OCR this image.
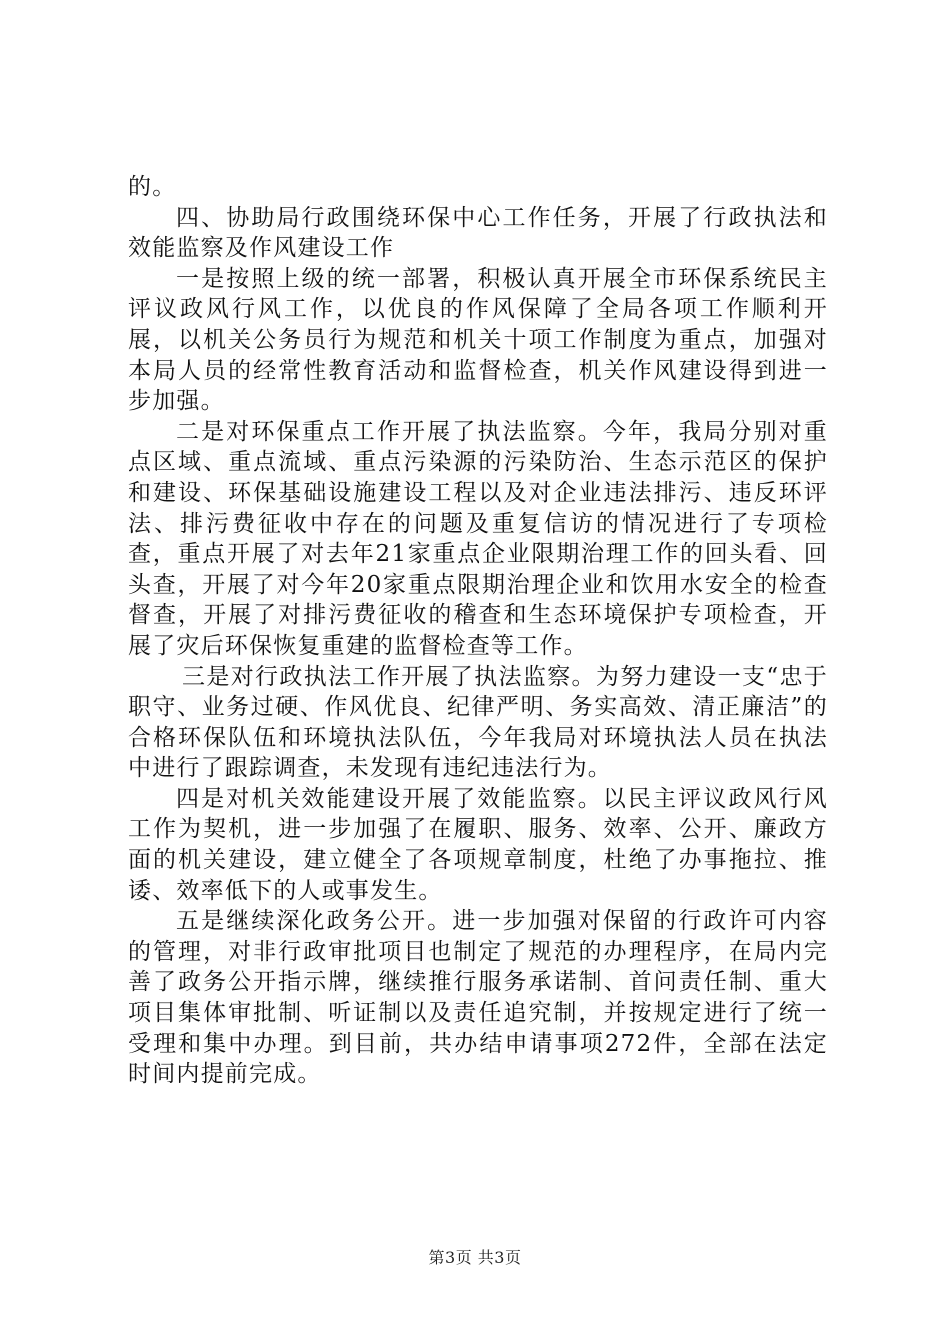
的。

四、协助局行政围绕环保中心工作任务，开展了行政执法和效能监察及作风建设工作

一是按照上级的统一部署，积极认真开展全市环保系统民主评议政风行风工作，以优良的作风保障了全局各项工作顺利开展，以机关公务员行为规范和机关十项工作制度为重点，加强对本局人员的经常性教育活动和监督检查，机关作风建设得到进一步加强。

二是对环保重点工作开展了执法监察。今年，我局分别对重点区域、重点流域、重点污染源的污染防治、生态示范区的保护和建设、环保基础设施建设工程以及对企业违法排污、违反环评法、排污费征收中存在的问题及重复信访的情况进行了专项检查，重点开展了对去年21家重点企业限期治理工作的回头看、回头查，开展了对今年20家重点限期治理企业和饮用水安全的检查督查，开展了对排污费征收的稽查和生态环境保护专项检查，开展了灾后环保恢复重建的监督检查等工作。

三是对行政执法工作开展了执法监察。为努力建设一支“忠于职守、业务过硬、作风优良、纪律严明、务实高效、清正廉洁”的合格环保队伍和环境执法队伍，今年我局对环境执法人员在执法中进行了跟踪调查，未发现有违纪违法行为。

四是对机关效能建设开展了效能监察。以民主评议政风行风工作为契机，进一步加强了在履职、服务、效率、公开、廉政方面的机关建设，建立健全了各项规章制度，杜绝了办事拖拉、推诿、效率低下的人或事发生。

五是继续深化政务公开。进一步加强对保留的行政许可内容的管理，对非行政审批项目也制定了规范的办理程序，在局内完善了政务公开指示牌，继续推行服务承诺制、首问责任制、重大项目集体审批制、听证制以及责任追究制，并按规定进行了统一受理和集中办理。到目前，共办结申请事项272件，全部在法定时间内提前完成。

第3页 共3页
